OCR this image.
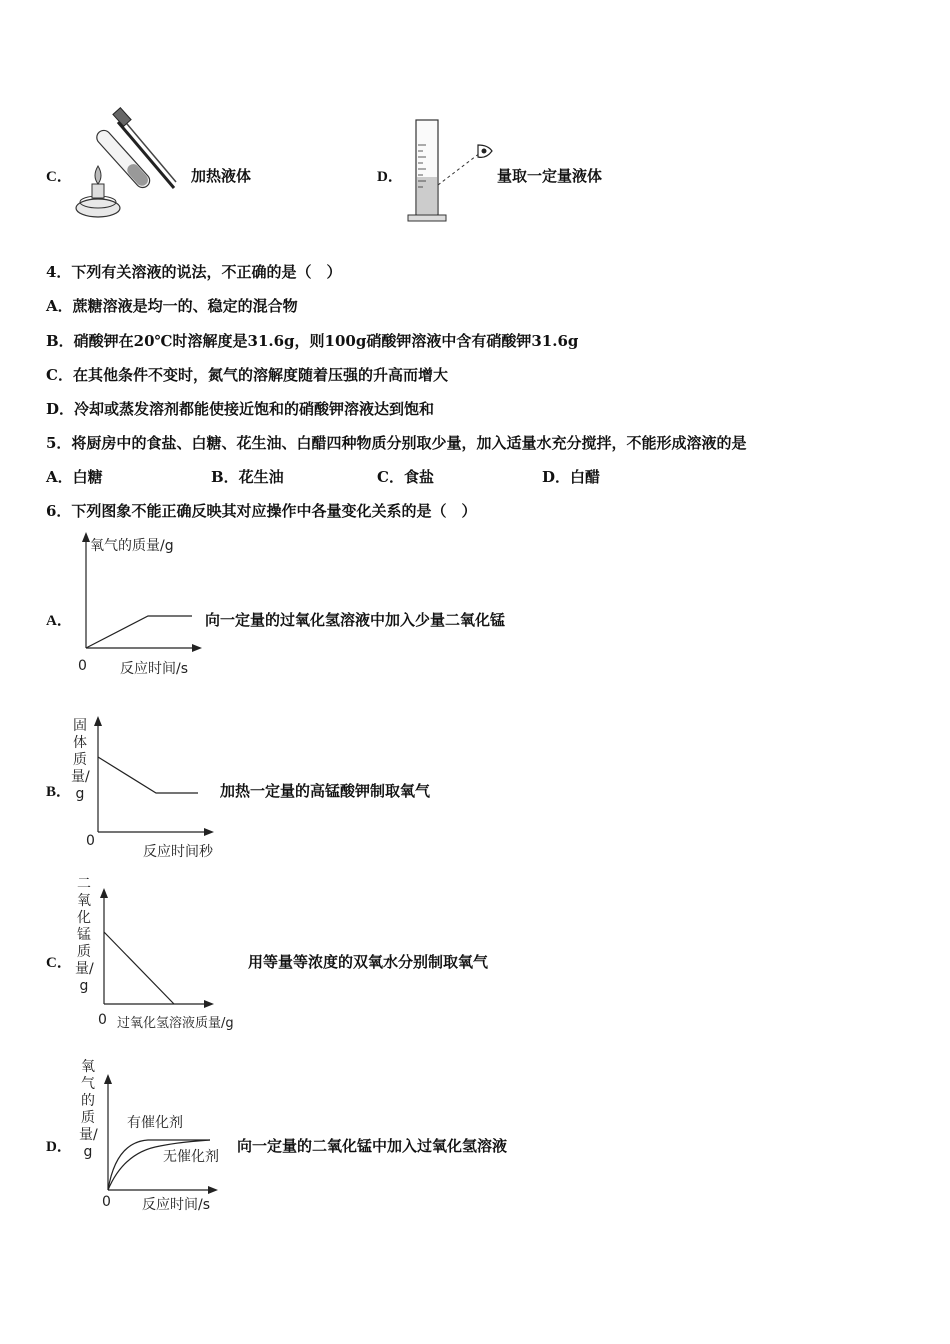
C．	加热液体	D．	量取一定量液体
4．下列有关溶液的说法，不正确的是（　）
A．蔗糖溶液是均一的、稳定的混合物
B．硝酸钾在20℃时溶解度是31.6g，则100g硝酸钾溶液中含有硝酸钾31.6g
C．在其他条件不变时，氮气的溶解度随着压强的升高而增大
D．冷却或蒸发溶剂都能使接近饱和的硝酸钾溶液达到饱和
5．将厨房中的食盐、白糖、花生油、白醋四种物质分别取少量，加入适量水充分搅拌，不能形成溶液的是
A．白糖	B．花生油	C．食盐	D．白醋
6．下列图象不能正确反映其对应操作中各量变化关系的是（　）
A．
氧气的质量/g
0 反应时间/s
向一定量的过氧化氢溶液中加入少量二氧化锰
B．
固体质量/g
0
反应时间秒
加热一定量的高锰酸钾制取氧气
C．
二氧化锰质量/g
0 过氧化氢溶液质量/g
用等量等浓度的双氧水分别制取氧气
D．
氧气的质量/g
有催化剂
无催化剂
0 反应时间/s
向一定量的二氧化锰中加入过氧化氢溶液
